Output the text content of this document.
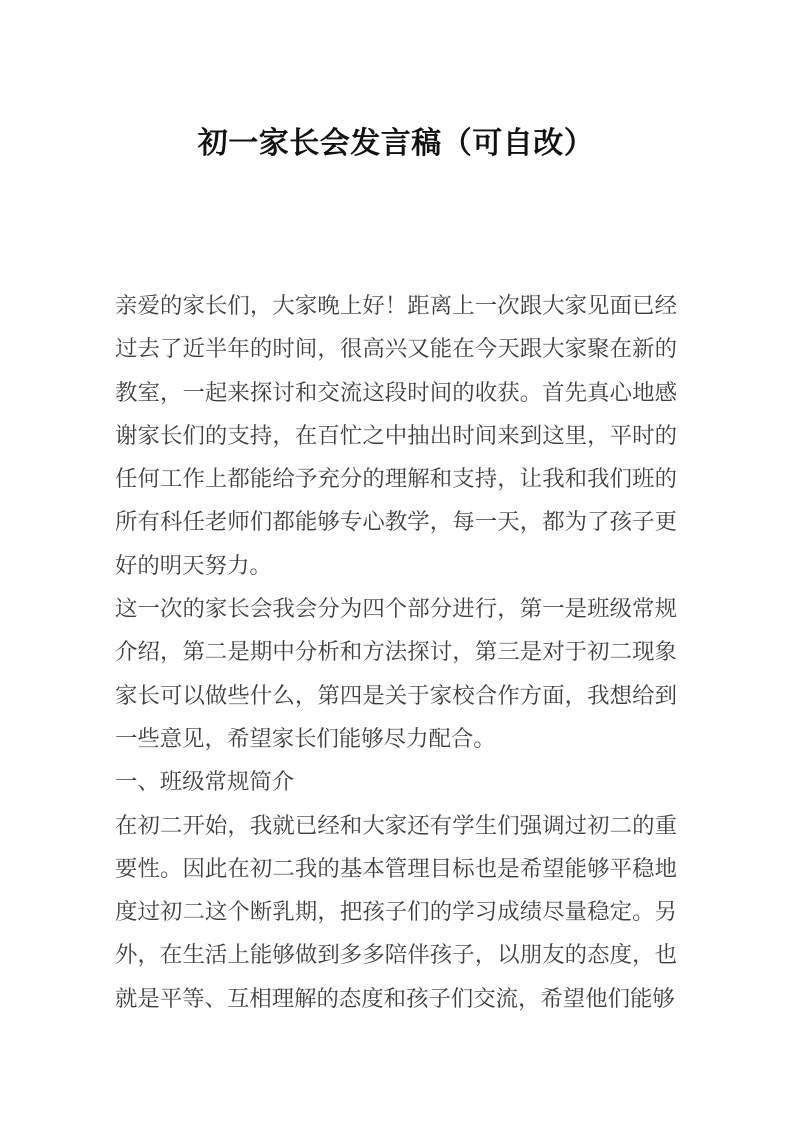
初一家长会发言稿（可自改）
亲爱的家长们，大家晚上好！距离上一次跟大家见面已经
过去了近半年的时间，很高兴又能在今天跟大家聚在新的
教室，一起来探讨和交流这段时间的收获。首先真心地感
谢家长们的支持，在百忙之中抽出时间来到这里，平时的
任何工作上都能给予充分的理解和支持，让我和我们班的
所有科任老师们都能够专心教学，每一天，都为了孩子更
好的明天努力。
这一次的家长会我会分为四个部分进行，第一是班级常规
介绍，第二是期中分析和方法探讨，第三是对于初二现象
家长可以做些什么，第四是关于家校合作方面，我想给到
一些意见，希望家长们能够尽力配合。
一、班级常规简介
在初二开始，我就已经和大家还有学生们强调过初二的重
要性。因此在初二我的基本管理目标也是希望能够平稳地
度过初二这个断乳期，把孩子们的学习成绩尽量稳定。另
外，在生活上能够做到多多陪伴孩子，以朋友的态度，也
就是平等、互相理解的态度和孩子们交流，希望他们能够
